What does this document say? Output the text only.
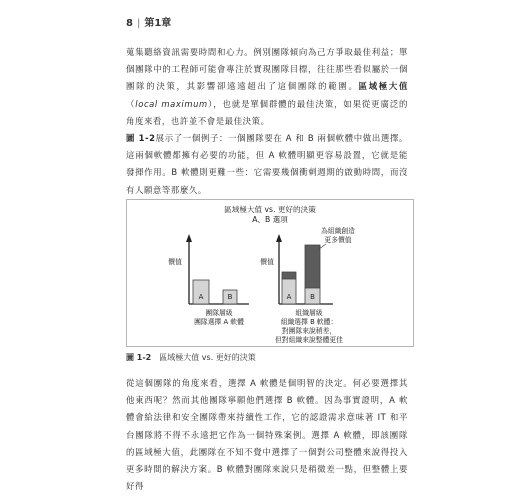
8 | 第1章

蒐集聽絡資訊需要時間和心力。例別團隊傾向為己方爭取最佳利益；單個團隊中的工程師可能會專注於實現團隊目標，往往那些看似屬於一個團隊的決策，其影響卻遠遠超出了這個團隊的範圍。區域極大值（local maximum），也就是單個群體的最佳決策，如果從更廣泛的角度來看，也許並不會是最佳決策。

圖 1-2展示了一個例子：一個團隊要在 A 和 B 兩個軟體中做出選擇。這兩個軟體都擁有必要的功能，但 A 軟體明顯更容易設置，它就是能發揮作用。B 軟體則更難一些：它需要幾個衝刺週期的啟動時間，而沒有人願意等那麼久。

區域極大值 vs. 更好的決策
A、B 選項
價值
A	B
團隊層級
團隊選擇 A 軟體
價值
A	B
為組織創造
更多價值
組織層級
組織選擇 B 軟體：
對團隊來說稍差，
但對組織來說整體更佳
圖 1-2 區域極大值 vs. 更好的決策

從這個團隊的角度來看，選擇 A 軟體是個明智的決定。何必要選擇其他東西呢？然而其他團隊寧願他們選擇 B 軟體。因為事實證明，A 軟體會給法律和安全團隊帶來持續性工作，它的認證需求意味著 IT 和平台團隊將不得不永遠把它作為一個特殊案例。選擇 A 軟體，即該團隊的區域極大值，此團隊在不知不覺中選擇了一個對公司整體來說得投入更多時間的解決方案。B 軟體對團隊來說只是稍微差一點，但整體上要好得
